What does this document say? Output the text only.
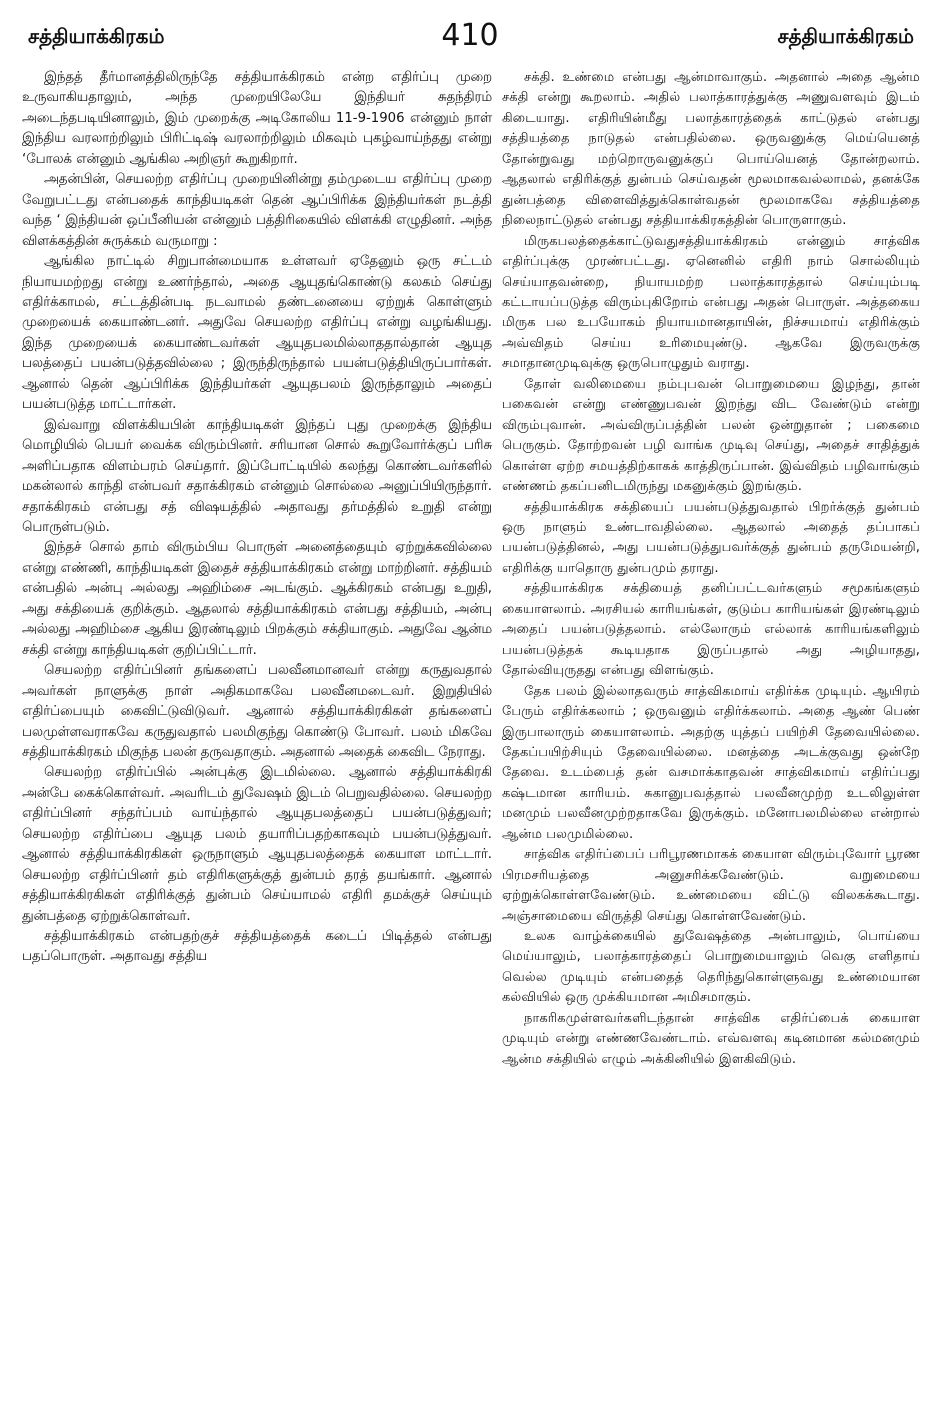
சத்தியாக்கிரகம்	410	சத்தியாக்கிரகம்

இந்தத் தீர்மானத்திலிருந்தே சத்தியாக்கிரகம் என்ற எதிர்ப்பு முறை உருவாகியதாலும், அந்த முறையிலேயே இந்தியர் சுதந்திரம் அடைந்தபடியினாலும், இம் முறைக்கு அடிகோலிய 11-9-1906 என்னும் நாள் இந்திய வரலாற்றிலும் பிரிட்டிஷ் வரலாற்றிலும் மிகவும் புகழ்வாய்ந்தது என்று ‘போலக் என்னும் ஆங்கில அறிஞர் கூறுகிறார்.

அதன்பின், செயலற்ற எதிர்ப்பு முறையினின்று தம்முடைய எதிர்ப்பு முறை வேறுபட்டது என்பதைக் காந்தியடிகள் தென் ஆப்பிரிக்க இந்தியர்கள் நடத்தி வந்த ‘ இந்தியன் ஒப்பீனியன் என்னும் பத்திரிகையில் விளக்கி எழுதினர். அந்த விளக்கத்தின் சுருக்கம் வருமாறு :

ஆங்கில நாட்டில் சிறுபான்மையாக உள்ளவர் ஏதேனும் ஒரு சட்டம் நியாயமற்றது என்று உணர்ந்தால், அதை ஆயுதங்கொண்டு கலகம் செய்து எதிர்க்காமல், சட்டத்தின்படி நடவாமல் தண்டனையை ஏற்றுக் கொள்ளும் முறையைக் கையாண்டனர். அதுவே செயலற்ற எதிர்ப்பு என்று வழங்கியது. இந்த முறையைக் கையாண்டவர்கள் ஆயுதபலமில்லாததால்தான் ஆயுத பலத்தைப் பயன்படுத்தவில்லை ; இருந்திருந்தால் பயன்படுத்தியிருப்பார்கள். ஆனால் தென் ஆப்பிரிக்க இந்தியர்கள் ஆயுதபலம் இருந்தாலும் அதைப் பயன்படுத்த மாட்டார்கள்.

இவ்வாறு விளக்கியபின் காந்தியடிகள் இந்தப் புது முறைக்கு இந்திய மொழியில் பெயர் வைக்க விரும்பினர். சரியான சொல் கூறுவோர்க்குப் பரிசு அளிப்பதாக விளம்பரம் செய்தார். இப்போட்டியில் கலந்து கொண்டவர்களில் மகன்லால் காந்தி என்பவர் சதாக்கிரகம் என்னும் சொல்லை அனுப்பியிருந்தார். சதாக்கிரகம் என்பது சத் விஷயத்தில் அதாவது தர்மத்தில் உறுதி என்று பொருள்படும்.

இந்தச் சொல் தாம் விரும்பிய பொருள் அனைத்தையும் ஏற்றுக்கவில்லை என்று எண்ணி, காந்தியடிகள் இதைச் சத்தியாக்கிரகம் என்று மாற்றினர். சத்தியம் என்பதில் அன்பு அல்லது அஹிம்சை அடங்கும். ஆக்கிரகம் என்பது உறுதி, அது சக்தியைக் குறிக்கும். ஆதலால் சத்தியாக்கிரகம் என்பது சத்தியம், அன்பு அல்லது அஹிம்சை ஆகிய இரண்டிலும் பிறக்கும் சக்தியாகும். அதுவே ஆன்ம சக்தி என்று காந்தியடிகள் குறிப்பிட்டார்.

செயலற்ற எதிர்ப்பினர் தங்களைப் பலவீனமானவர் என்று கருதுவதால் அவர்கள் நாளுக்கு நாள் அதிகமாகவே பலவீனமடைவர். இறுதியில் எதிர்ப்பையும் கைவிட்டுவிடுவர். ஆனால் சத்தியாக்கிரகிகள் தங்களைப் பலமுள்ளவராகவே கருதுவதால் பலமிகுந்து கொண்டு போவர். பலம் மிகவே சத்தியாக்கிரகம் மிகுந்த பலன் தருவதாகும். அதனால் அதைக் கைவிட நேராது.

செயலற்ற எதிர்ப்பில் அன்புக்கு இடமில்லை. ஆனால் சத்தியாக்கிரகி அன்பே கைக்கொள்வர். அவரிடம் துவேஷம் இடம் பெறுவதில்லை. செயலற்ற எதிர்ப்பினர் சந்தர்ப்பம் வாய்ந்தால் ஆயுதபலத்தைப் பயன்படுத்துவர்; செயலற்ற எதிர்ப்பை ஆயுத பலம் தயாரிப்பதற்காகவும் பயன்படுத்துவர். ஆனால் சத்தியாக்கிரகிகள் ஒருநாளும் ஆயுதபலத்தைக் கையாள மாட்டார். செயலற்ற எதிர்ப்பினர் தம் எதிரிகளுக்குத் துன்பம் தரத் தயங்கார். ஆனால் சத்தியாக்கிரகிகள் எதிரிக்குத் துன்பம் செய்யாமல் எதிரி தமக்குச் செய்யும் துன்பத்தை ஏற்றுக்கொள்வர்.

சத்தியாக்கிரகம் என்பதற்குச் சத்தியத்தைக் கடைப் பிடித்தல் என்பது பதப்பொருள். அதாவது சத்திய

சக்தி. உண்மை என்பது ஆன்மாவாகும். அதனால் அதை ஆன்ம சக்தி என்று கூறலாம். அதில் பலாத்காரத்துக்கு அணுவளவும் இடம் கிடையாது. எதிரியின்மீது பலாத்காரத்தைக் காட்டுதல் என்பது சத்தியத்தை நாடுதல் என்பதில்லை. ஒருவனுக்கு மெய்யெனத் தோன்றுவது மற்றொருவனுக்குப் பொய்யெனத் தோன்றலாம். ஆதலால் எதிரிக்குத் துன்பம் செய்வதன் மூலமாகவல்லாமல், தனக்கே துன்பத்தை விளைவித்துக்கொள்வதன் மூலமாகவே சத்தியத்தை நிலைநாட்டுதல் என்பது சத்தியாக்கிரகத்தின் பொருளாகும்.

மிருகபலத்தைக்காட்டுவதுசத்தியாக்கிரகம் என்னும் சாத்விக எதிர்ப்புக்கு முரண்பட்டது. ஏனெனில் எதிரி நாம் சொல்லியும் செய்யாதவன்றை, நியாயமற்ற பலாத்காரத்தால் செய்யும்படி கட்டாயப்படுத்த விரும்புகிறோம் என்பது அதன் பொருள். அத்தகைய மிருக பல உபயோகம் நியாயமானதாயின், நிச்சயமாய் எதிரிக்கும் அவ்விதம் செய்ய உரிமையுண்டு. ஆகவே இருவருக்கு சமாதானமுடிவுக்கு ஒருபொழுதும் வராது.

தோள் வலிமையை நம்புபவன் பொறுமையை இழந்து, தான் பகைவன் என்று எண்ணுபவன் இறந்து விட வேண்டும் என்று விரும்புவான். அவ்விருப்பத்தின் பலன் ஒன்றுதான் ; பகைமை பெருகும். தோற்றவன் பழி வாங்க முடிவு செய்து, அதைச் சாதித்துக் கொள்ள ஏற்ற சமயத்திற்காகக் காத்திருப்பான். இவ்விதம் பழிவாங்கும் எண்ணம் தகப்பனிடமிருந்து மகனுக்கும் இறங்கும்.

சத்தியாக்கிரக சக்தியைப் பயன்படுத்துவதால் பிறர்க்குத் துன்பம் ஒரு நாளும் உண்டாவதில்லை. ஆதலால் அதைத் தப்பாகப் பயன்படுத்தினல், அது பயன்படுத்துபவர்க்குத் துன்பம் தருமேயன்றி, எதிரிக்கு யாதொரு துன்பமும் தராது.

சத்தியாக்கிரக சக்தியைத் தனிப்பட்டவர்களும் சமூகங்களும் கையாளலாம். அரசியல் காரியங்கள், குடும்ப காரியங்கள் இரண்டிலும் அதைப் பயன்படுத்தலாம். எல்லோரும் எல்லாக் காரியங்களிலும் பயன்படுத்தக் கூடியதாக இருப்பதால் அது அழியாதது, தோல்வியுருதது என்பது விளங்கும்.

தேக பலம் இல்லாதவரும் சாத்விகமாய் எதிர்க்க முடியும். ஆயிரம் பேரும் எதிர்க்கலாம் ; ஒருவனும் எதிர்க்கலாம். அதை ஆண் பெண் இருபாலாரும் கையாளலாம். அதற்கு யுத்தப் பயிற்சி தேவையில்லை. தேகப்பயிற்சியும் தேவையில்லை. மனத்தை அடக்குவது ஒன்றே தேவை. உடம்பைத் தன் வசமாக்காதவன் சாத்விகமாய் எதிர்ப்பது கஷ்டமான காரியம். சுகானுபவத்தால் பலவீனமுற்ற உடலிலுள்ள மனமும் பலவீனமுற்றதாகவே இருக்கும். மனோபலமில்லை என்றால் ஆன்ம பலமுமில்லை.

சாத்விக எதிர்ப்பைப் பரிபூரணமாகக் கையாள விரும்புவோர் பூரண பிரமசரியத்தை அனுசரிக்கவேண்டும். வறுமையை ஏற்றுக்கொள்ளவேண்டும். உண்மையை விட்டு விலகக்கூடாது. அஞ்சாமையை விருத்தி செய்து கொள்ளவேண்டும்.

உலக வாழ்க்கையில் துவேஷத்தை அன்பாலும், பொய்யை மெய்யாலும், பலாத்காரத்தைப் பொறுமையாலும் வெகு எளிதாய் வெல்ல முடியும் என்பதைத் தெரிந்துகொள்ளுவது உண்மையான கல்வியில் ஒரு முக்கியமான அமிசமாகும்.

நாகரிகமுள்ளவர்களிடந்தான் சாத்விக எதிர்ப்பைக் கையாள முடியும் என்று எண்ணவேண்டாம். எவ்வளவு கடினமான கல்மனமும் ஆன்ம சக்தியில் எழும் அக்கினியில் இளகிவிடும்.
